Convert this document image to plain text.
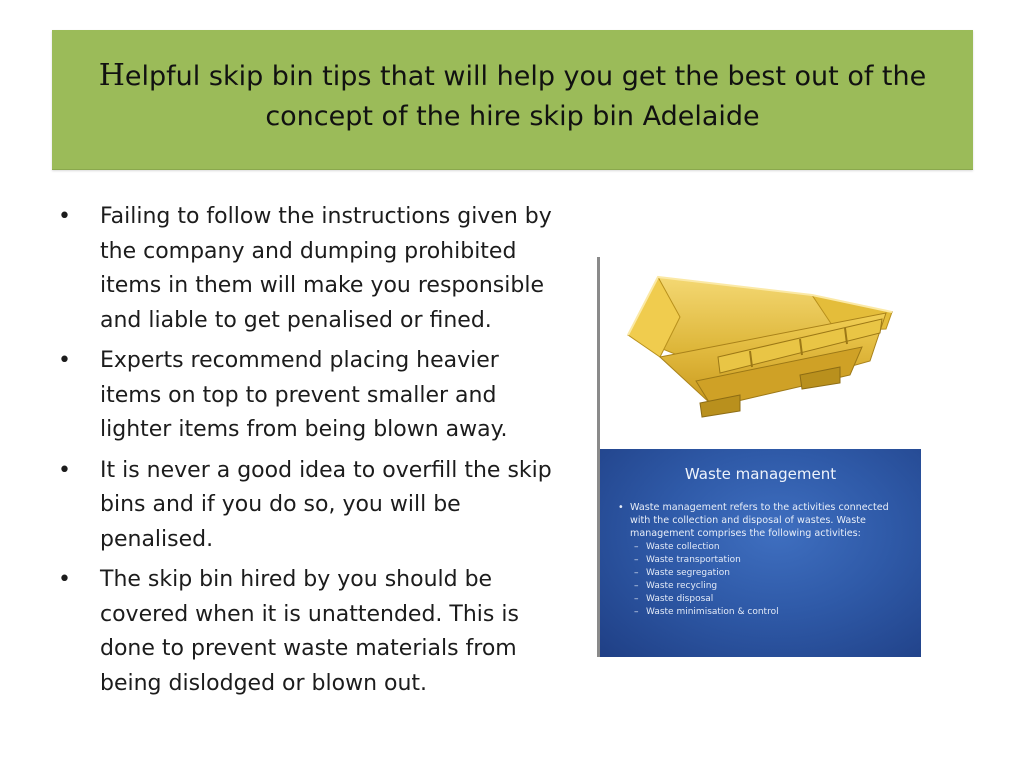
Helpful skip bin tips that will help you get the best out of the concept of the hire skip bin Adelaide
• Failing to follow the instructions given by the company and dumping prohibited items in them will make you responsible and liable to get penalised or fined.
• Experts recommend placing heavier items on top to prevent smaller and lighter items from being blown away.
• It is never a good idea to overfill the skip bins and if you do so, you will be penalised.
• The skip bin hired by you should be covered when it is unattended. This is done to prevent waste materials from being dislodged or blown out.
Waste management
• Waste management refers to the activities connected with the collection and disposal of wastes. Waste management comprises the following activities:
– Waste collection
– Waste transportation
– Waste segregation
– Waste recycling
– Waste disposal
– Waste minimisation & control
